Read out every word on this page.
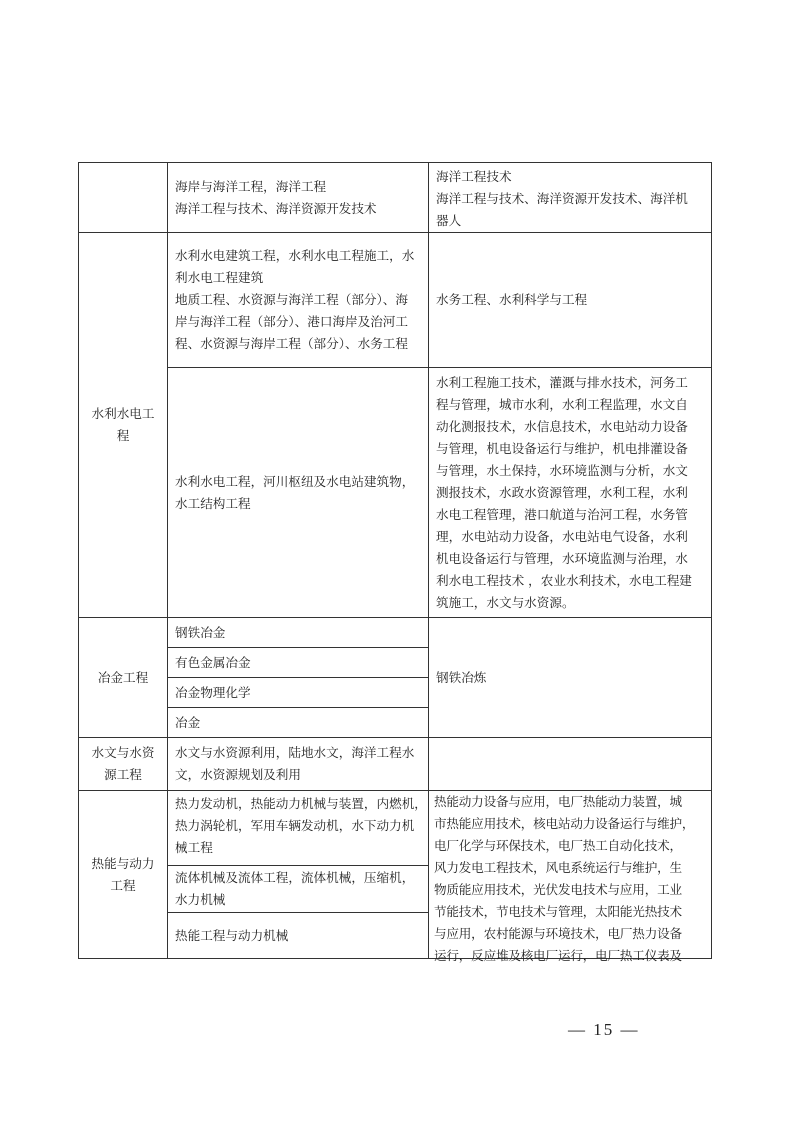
海岸与海洋工程，海洋工程
海洋工程与技术、海洋资源开发技术
海洋工程技术
海洋工程与技术、海洋资源开发技术、海洋机
器人
水利水电工
程
水利水电建筑工程，水利水电工程施工，水
利水电工程建筑
地质工程、水资源与海洋工程（部分）、海
岸与海洋工程（部分）、港口海岸及治河工
程、水资源与海岸工程（部分）、水务工程
水务工程、水利科学与工程
水利水电工程，河川枢纽及水电站建筑物，
水工结构工程
水利工程施工技术，灌溉与排水技术，河务工
程与管理，城市水利，水利工程监理，水文自
动化测报技术，水信息技术，水电站动力设备
与管理，机电设备运行与维护，机电排灌设备
与管理，水土保持，水环境监测与分析，水文
测报技术，水政水资源管理，水利工程，水利
水电工程管理，港口航道与治河工程，水务管
理，水电站动力设备，水电站电气设备，水利
机电设备运行与管理，水环境监测与治理，水
利水电工程技术 ，农业水利技术，水电工程建
筑施工，水文与水资源。
冶金工程
钢铁冶金
有色金属冶金
冶金物理化学
冶金
钢铁冶炼
水文与水资
源工程
水文与水资源利用，陆地水文，海洋工程水
文，水资源规划及利用
热能与动力
工程
热力发动机，热能动力机械与装置，内燃机，
热力涡轮机，军用车辆发动机，水下动力机
械工程
流体机械及流体工程，流体机械，压缩机，
水力机械
热能工程与动力机械
热能动力设备与应用，电厂热能动力装置，城
市热能应用技术，核电站动力设备运行与维护，
电厂化学与环保技术，电厂热工自动化技术，
风力发电工程技术，风电系统运行与维护，生
物质能应用技术，光伏发电技术与应用，工业
节能技术，节电技术与管理，太阳能光热技术
与应用，农村能源与环境技术，电厂热力设备
运行，反应堆及核电厂运行，电厂热工仪表及
— 15 —
